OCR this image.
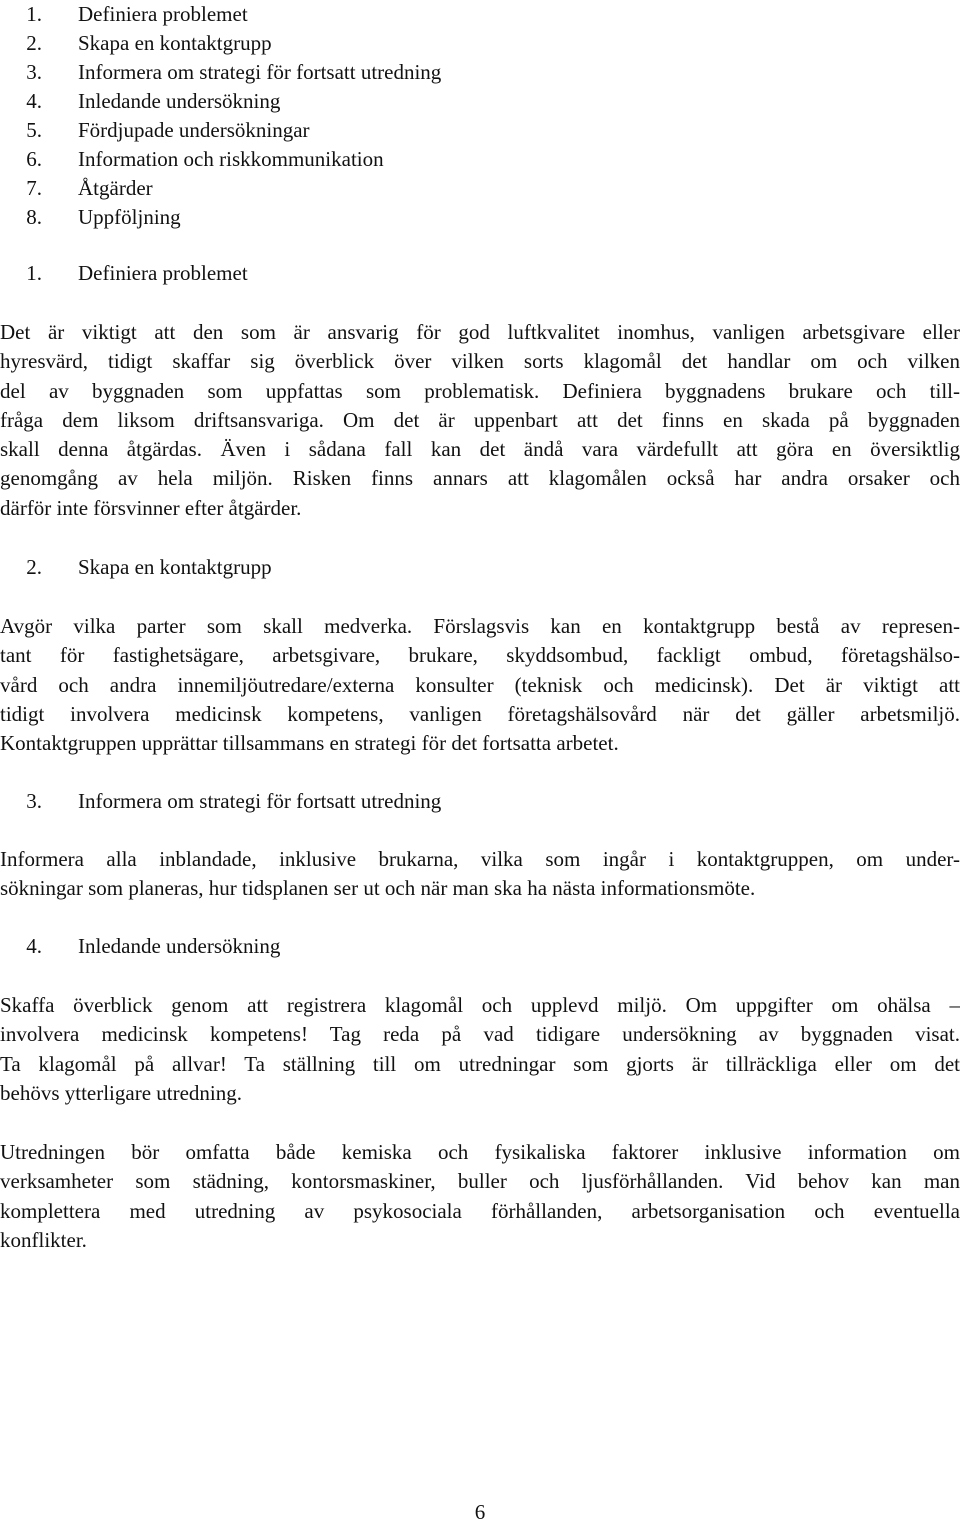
1. Definiera problemet
2. Skapa en kontaktgrupp
3. Informera om strategi för fortsatt utredning
4. Inledande undersökning
5. Fördjupade undersökningar
6. Information och riskkommunikation
7. Åtgärder
8. Uppföljning
1. Definiera problemet
Det är viktigt att den som är ansvarig för god luftkvalitet inomhus, vanligen arbetsgivare eller
hyresvärd, tidigt skaffar sig överblick över vilken sorts klagomål det handlar om och vilken
del av byggnaden som uppfattas som problematisk. Definiera byggnadens brukare och till-
fråga dem liksom driftsansvariga. Om det är uppenbart att det finns en skada på byggnaden
skall denna åtgärdas. Även i sådana fall kan det ändå vara värdefullt att göra en översiktlig
genomgång av hela miljön. Risken finns annars att klagomålen också har andra orsaker och
därför inte försvinner efter åtgärder.
2. Skapa en kontaktgrupp
Avgör vilka parter som skall medverka. Förslagsvis kan en kontaktgrupp bestå av represen-
tant för fastighetsägare, arbetsgivare, brukare, skyddsombud, fackligt ombud, företagshälso-
vård och andra innemiljöutredare/externa konsulter (teknisk och medicinsk). Det är viktigt att
tidigt involvera medicinsk kompetens, vanligen företagshälsovård när det gäller arbetsmiljö.
Kontaktgruppen upprättar tillsammans en strategi för det fortsatta arbetet.
3. Informera om strategi för fortsatt utredning
Informera alla inblandade, inklusive brukarna, vilka som ingår i kontaktgruppen, om under-
sökningar som planeras, hur tidsplanen ser ut och när man ska ha nästa informationsmöte.
4. Inledande undersökning
Skaffa överblick genom att registrera klagomål och upplevd miljö. Om uppgifter om ohälsa –
involvera medicinsk kompetens! Tag reda på vad tidigare undersökning av byggnaden visat.
Ta klagomål på allvar! Ta ställning till om utredningar som gjorts är tillräckliga eller om det
behövs ytterligare utredning.
Utredningen bör omfatta både kemiska och fysikaliska faktorer inklusive information om
verksamheter som städning, kontorsmaskiner, buller och ljusförhållanden. Vid behov kan man
komplettera med utredning av psykosociala förhållanden, arbetsorganisation och eventuella
konflikter.
6
